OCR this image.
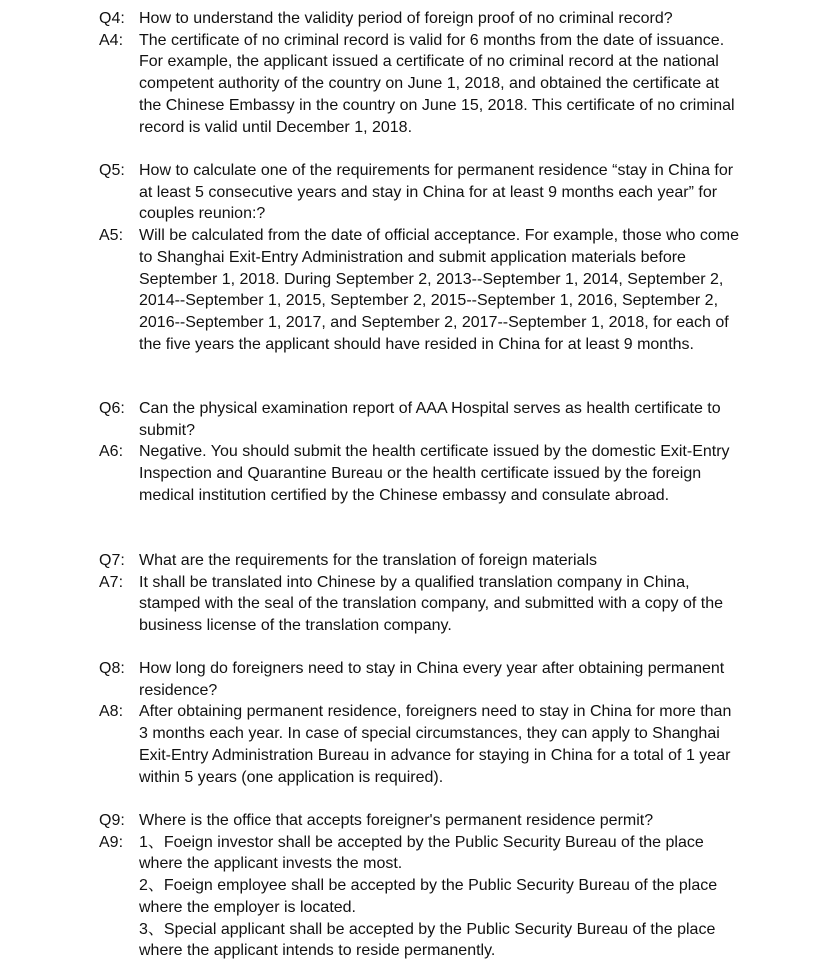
Q4: How to understand the validity period of foreign proof of no criminal record?
A4: The certificate of no criminal record is valid for 6 months from the date of issuance. For example, the applicant issued a certificate of no criminal record at the national competent authority of the country on June 1, 2018, and obtained the certificate at the Chinese Embassy in the country on June 15, 2018. This certificate of no criminal record is valid until December 1, 2018.
Q5: How to calculate one of the requirements for permanent residence “stay in China for at least 5 consecutive years and stay in China for at least 9 months each year” for couples reunion:?
A5: Will be calculated from the date of official acceptance. For example, those who come to Shanghai Exit-Entry Administration and submit application materials before September 1, 2018. During September 2, 2013--September 1, 2014, September 2, 2014--September 1, 2015, September 2, 2015--September 1, 2016, September 2, 2016--September 1, 2017, and September 2, 2017--September 1, 2018, for each of the five years the applicant should have resided in China for at least 9 months.
Q6: Can the physical examination report of AAA Hospital serves as health certificate to submit?
A6: Negative. You should submit the health certificate issued by the domestic Exit-Entry Inspection and Quarantine Bureau or the health certificate issued by the foreign medical institution certified by the Chinese embassy and consulate abroad.
Q7: What are the requirements for the translation of foreign materials
A7: It shall be translated into Chinese by a qualified translation company in China, stamped with the seal of the translation company, and submitted with a copy of the business license of the translation company.
Q8: How long do foreigners need to stay in China every year after obtaining permanent residence?
A8: After obtaining permanent residence, foreigners need to stay in China for more than 3 months each year. In case of special circumstances, they can apply to Shanghai Exit-Entry Administration Bureau in advance for staying in China for a total of 1 year within 5 years (one application is required).
Q9: Where is the office that accepts foreigner's permanent residence permit?
A9: 1、Foeign investor shall be accepted by the Public Security Bureau of the place where the applicant invests the most.
2、Foeign employee shall be accepted by the Public Security Bureau of the place where the employer is located.
3、Special applicant shall be accepted by the Public Security Bureau of the place where the applicant intends to reside permanently.
